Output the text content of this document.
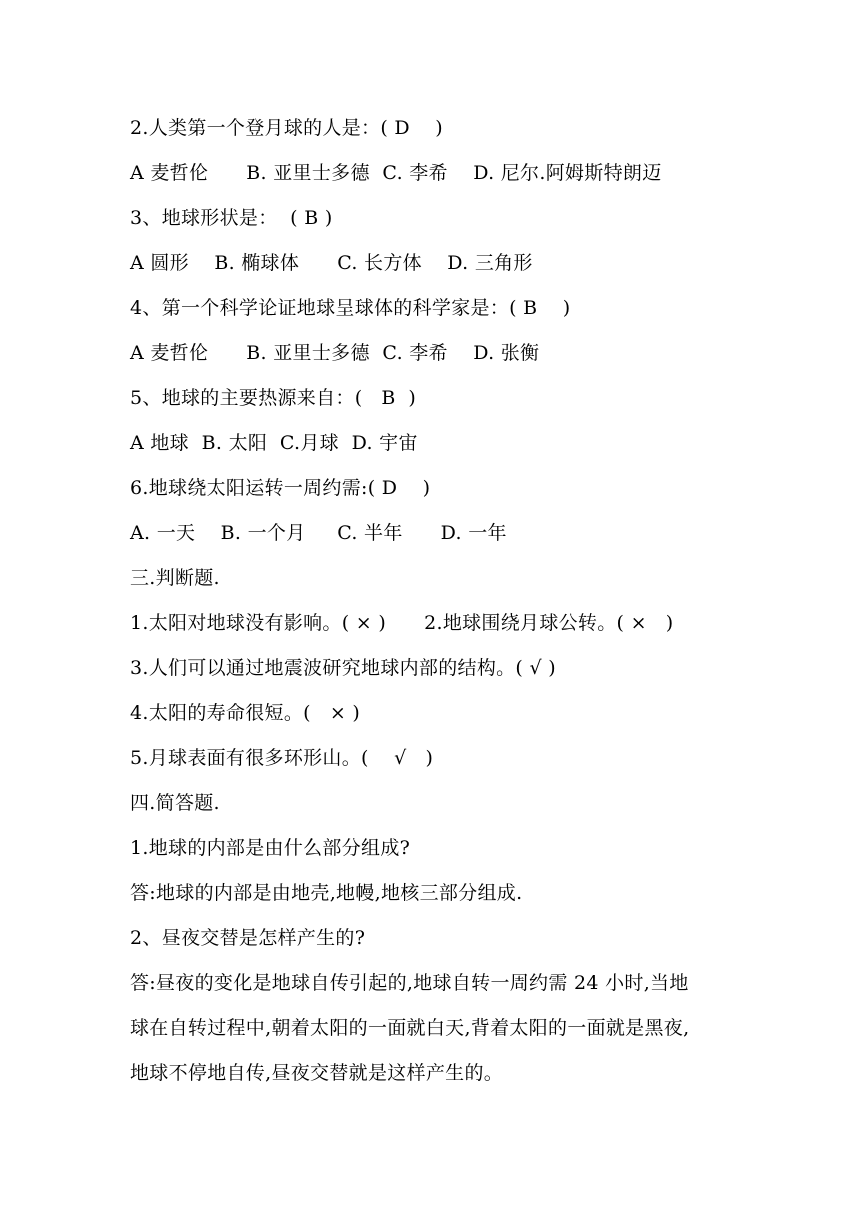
2.人类第一个登月球的人是：( D    )
A 麦哲伦      B. 亚里士多德  C. 李希    D. 尼尔.阿姆斯特朗迈
3、地球形状是：  ( B )
A 圆形    B. 椭球体      C. 长方体    D. 三角形
4、第一个科学论证地球呈球体的科学家是：( B    )
A 麦哲伦      B. 亚里士多德  C. 李希    D. 张衡
5、地球的主要热源来自：(   B  )
A 地球  B. 太阳  C.月球  D. 宇宙
6.地球绕太阳运转一周约需:( D    )
A. 一天    B. 一个月     C. 半年      D. 一年
三.判断题.
1.太阳对地球没有影响。( × )      2.地球围绕月球公转。( ×   )
3.人们可以通过地震波研究地球内部的结构。( √ )
4.太阳的寿命很短。(   × )
5.月球表面有很多环形山。(    √   )
四.简答题.
1.地球的内部是由什么部分组成?
答:地球的内部是由地壳,地幔,地核三部分组成.
2、昼夜交替是怎样产生的?
答:昼夜的变化是地球自传引起的,地球自转一周约需 24 小时,当地
球在自转过程中,朝着太阳的一面就白天,背着太阳的一面就是黑夜,
地球不停地自传,昼夜交替就是这样产生的。
